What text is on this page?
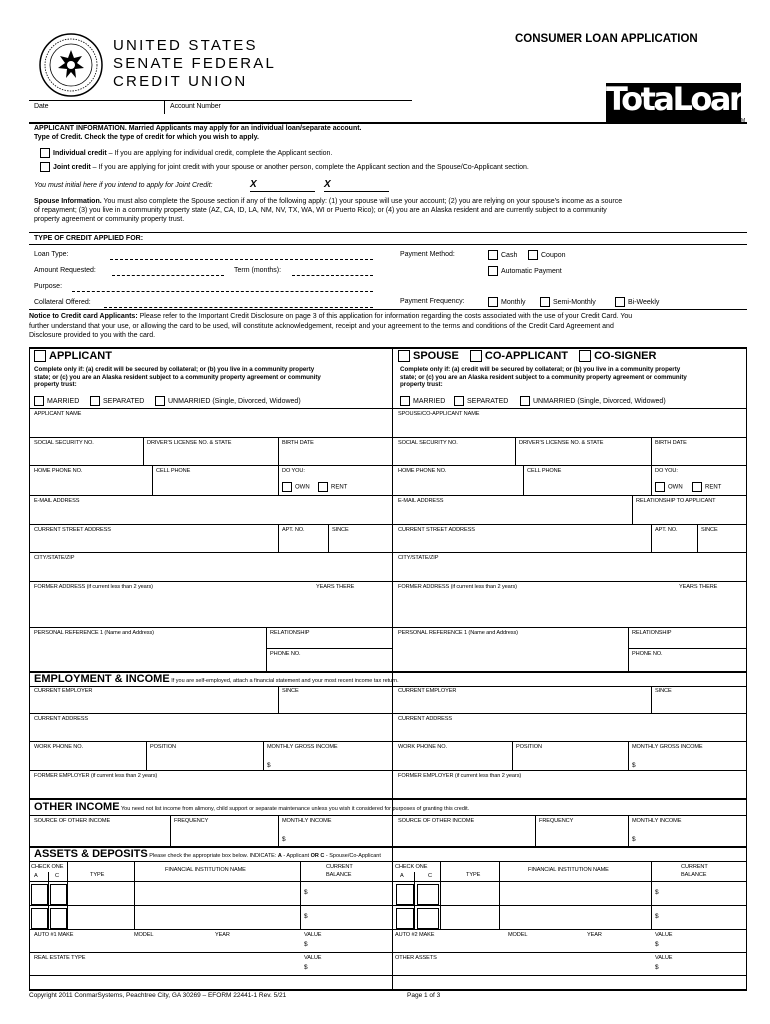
UNITED STATES
SENATE FEDERAL
CREDIT UNION
CONSUMER LOAN APPLICATION
TotaLoan
TM
Date	Account Number
APPLICANT INFORMATION. Married Applicants may apply for an individual loan/separate account.
Type of Credit. Check the type of credit for which you wish to apply.
Individual credit – If you are applying for individual credit, complete the Applicant section.
Joint credit – If you are applying for joint credit with your spouse or another person, complete the Applicant section and the Spouse/Co-Applicant section.
You must initial here if you intend to apply for Joint Credit:	X	X
Spouse Information. You must also complete the Spouse section if any of the following apply: (1) your spouse will use your account; (2) you are relying on your spouse’s income as a source
of repayment; (3) you live in a community property state (AZ, CA, ID, LA, NM, NV, TX, WA, WI or Puerto Rico); or (4) you are an Alaska resident and are currently subject to a community
property agreement or community property trust.
TYPE OF CREDIT APPLIED FOR:
Loan Type:
Amount Requested:	Term (months):
Purpose:
Collateral Offered:
Payment Method:	Cash	Coupon
Automatic Payment
Payment Frequency:	Monthly	Semi-Monthly	Bi-Weekly
Notice to Credit card Applicants: Please refer to the Important Credit Disclosure on page 3 of this application for information regarding the costs associated with the use of your Credit Card. You
further understand that your use, or allowing the card to be used, will constitute acknowledgement, receipt and your agreement to the terms and conditions of the Credit Card Agreement and
Disclosure provided to you with the card.
APPLICANT
Complete only if: (a) credit will be secured by collateral; or (b) you live in a community property
state; or (c) you are an Alaska resident subject to a community property agreement or community
property trust:
MARRIED	SEPARATED	UNMARRIED (Single, Divorced, Widowed)
SPOUSE CO-APPLICANT CO-SIGNER
Complete only if: (a) credit will be secured by collateral; or (b) you live in a community property
state; or (c) you are an Alaska resident subject to a community property agreement or community
property trust:
MARRIED	SEPARATED	UNMARRIED (Single, Divorced, Widowed)
APPLICANT NAME
SOCIAL SECURITY NO.	DRIVER’S LICENSE NO. & STATE	BIRTH DATE
HOME PHONE NO.	CELL PHONE	DO YOU:
OWN	RENT
E-MAIL ADDRESS
CURRENT STREET ADDRESS	APT. NO.	SINCE
CITY/STATE/ZIP
FORMER ADDRESS (if current less than 2 years)	YEARS THERE
PERSONAL REFERENCE 1 (Name and Address)	RELATIONSHIP
PHONE NO.
SPOUSE/CO-APPLICANT NAME
SOCIAL SECURITY NO.	DRIVER’S LICENSE NO. & STATE	BIRTH DATE
HOME PHONE NO.	CELL PHONE	DO YOU:
OWN	RENT
E-MAIL ADDRESS	RELATIONSHIP TO APPLICANT
CURRENT STREET ADDRESS	APT. NO.	SINCE
CITY/STATE/ZIP
FORMER ADDRESS (if current less than 2 years)	YEARS THERE
PERSONAL REFERENCE 1 (Name and Address)	RELATIONSHIP
PHONE NO.
EMPLOYMENT & INCOME If you are self-employed, attach a financial statement and your most recent income tax return.
CURRENT EMPLOYER	SINCE
CURRENT ADDRESS
WORK PHONE NO.	POSITION	MONTHLY GROSS INCOME
$
FORMER EMPLOYER (if current less than 2 years)
CURRENT EMPLOYER	SINCE
CURRENT ADDRESS
WORK PHONE NO.	POSITION	MONTHLY GROSS INCOME
$
FORMER EMPLOYER (if current less than 2 years)
OTHER INCOME You need not list income from alimony, child support or separate maintenance unless you wish it considered for purposes of granting this credit.
SOURCE OF OTHER INCOME	FREQUENCY	MONTHLY INCOME
$
SOURCE OF OTHER INCOME	FREQUENCY	MONTHLY INCOME
$
ASSETS & DEPOSITS Please check the appropriate box below. INDICATE: A - Applicant OR C - Spouse/Co-Applicant
CHECK ONE
A	C	TYPE
FINANCIAL INSTITUTION NAME	CURRENT
BALANCE
$
$
AUTO #1 MAKE	MODEL	YEAR	VALUE
$
REAL ESTATE TYPE	VALUE
$
CHECK ONE
A	C	TYPE
FINANCIAL INSTITUTION NAME	CURRENT
BALANCE
$
$
AUTO #2 MAKE	MODEL	YEAR	VALUE
$
OTHER ASSETS	VALUE
$
Copyright 2011 ConmarSystems, Peachtree City, GA 30269 – EFORM 22441-1 Rev. 5/21	Page 1 of 3
